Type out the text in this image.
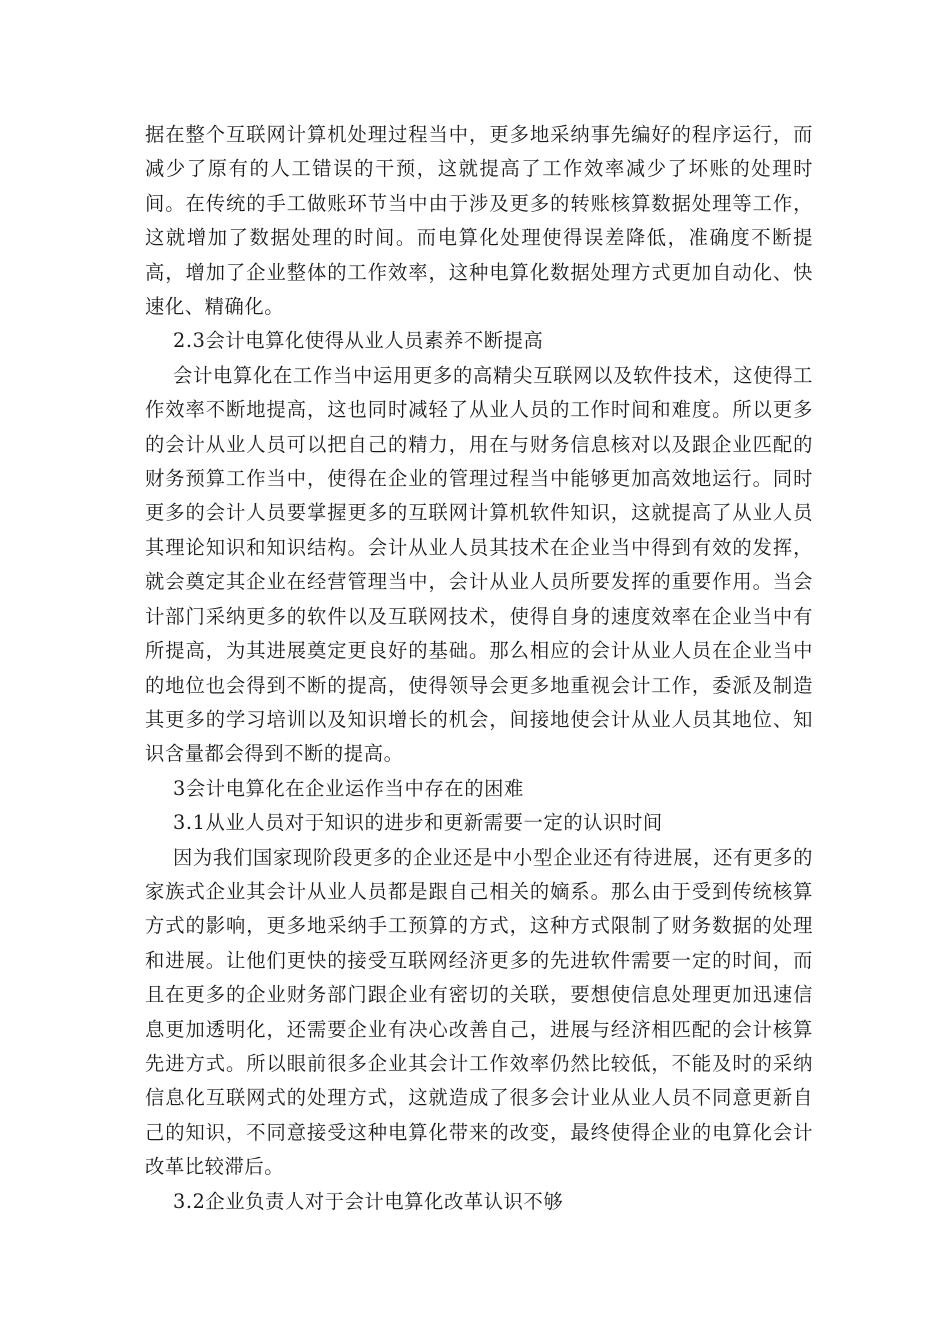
据在整个互联网计算机处理过程当中，更多地采纳事先编好的程序运行，而减少了原有的人工错误的干预，这就提高了工作效率减少了坏账的处理时间。在传统的手工做账环节当中由于涉及更多的转账核算数据处理等工作，这就增加了数据处理的时间。而电算化处理使得误差降低，准确度不断提高，增加了企业整体的工作效率，这种电算化数据处理方式更加自动化、快速化、精确化。

2.3会计电算化使得从业人员素养不断提高

会计电算化在工作当中运用更多的高精尖互联网以及软件技术，这使得工作效率不断地提高，这也同时减轻了从业人员的工作时间和难度。所以更多的会计从业人员可以把自己的精力，用在与财务信息核对以及跟企业匹配的财务预算工作当中，使得在企业的管理过程当中能够更加高效地运行。同时更多的会计人员要掌握更多的互联网计算机软件知识，这就提高了从业人员其理论知识和知识结构。会计从业人员其技术在企业当中得到有效的发挥，就会奠定其企业在经营管理当中，会计从业人员所要发挥的重要作用。当会计部门采纳更多的软件以及互联网技术，使得自身的速度效率在企业当中有所提高，为其进展奠定更良好的基础。那么相应的会计从业人员在企业当中的地位也会得到不断的提高，使得领导会更多地重视会计工作，委派及制造其更多的学习培训以及知识增长的机会，间接地使会计从业人员其地位、知识含量都会得到不断的提高。

3会计电算化在企业运作当中存在的困难

3.1从业人员对于知识的进步和更新需要一定的认识时间

因为我们国家现阶段更多的企业还是中小型企业还有待进展，还有更多的家族式企业其会计从业人员都是跟自己相关的嫡系。那么由于受到传统核算方式的影响，更多地采纳手工预算的方式，这种方式限制了财务数据的处理和进展。让他们更快的接受互联网经济更多的先进软件需要一定的时间，而且在更多的企业财务部门跟企业有密切的关联，要想使信息处理更加迅速信息更加透明化，还需要企业有决心改善自己，进展与经济相匹配的会计核算先进方式。所以眼前很多企业其会计工作效率仍然比较低，不能及时的采纳信息化互联网式的处理方式，这就造成了很多会计业从业人员不同意更新自己的知识，不同意接受这种电算化带来的改变，最终使得企业的电算化会计改革比较滞后。

3.2企业负责人对于会计电算化改革认识不够
